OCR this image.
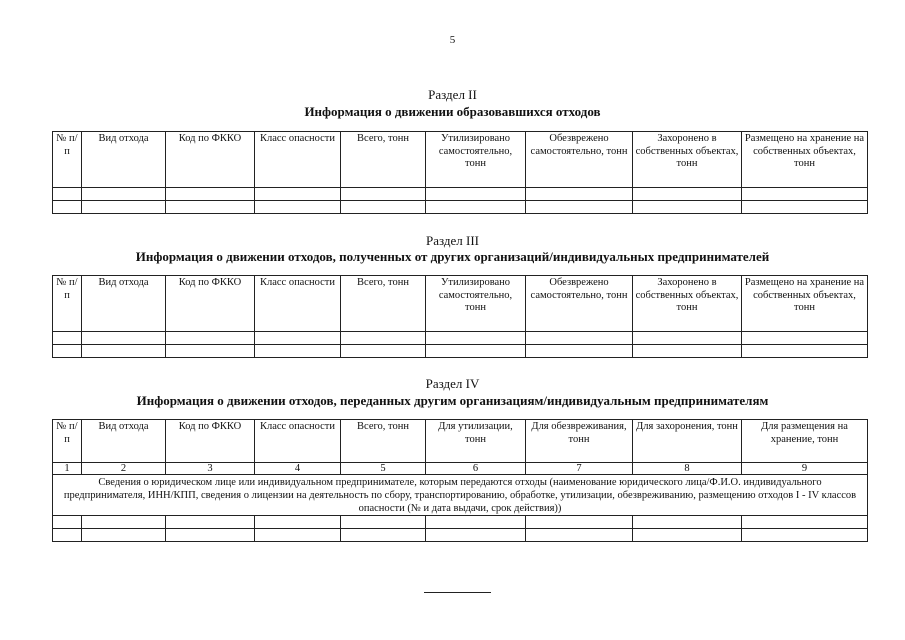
5
Раздел II
Информация о движении образовавшихся отходов
№ п/п	Вид отхода	Код по ФККО	Класс опасности	Всего, тонн	Утилизировано самостоятельно, тонн	Обезврежено самостоятельно, тонн	Захоронено в собственных объектах, тонн	Размещено на хранение на собственных объектах, тонн

Раздел III
Информация о движении отходов, полученных от других организаций/индивидуальных предпринимателей
№ п/п	Вид отхода	Код по ФККО	Класс опасности	Всего, тонн	Утилизировано самостоятельно, тонн	Обезврежено самостоятельно, тонн	Захоронено в собственных объектах, тонн	Размещено на хранение на собственных объектах, тонн

Раздел IV
Информация о движении отходов, переданных другим организациям/индивидуальным предпринимателям
№ п/п	Вид отхода	Код по ФККО	Класс опасности	Всего, тонн	Для утилизации, тонн	Для обезвреживания, тонн	Для захоронения, тонн	Для размещения на хранение, тонн
1	2	3	4	5	6	7	8	9
Сведения о юридическом лице или индивидуальном предпринимателе, которым передаются отходы (наименование юридического лица/Ф.И.О. индивидуального предпринимателя, ИНН/КПП, сведения о лицензии на деятельность по сбору, транспортированию, обработке, утилизации, обезвреживанию, размещению отходов I - IV классов опасности (№ и дата выдачи, срок действия))								
